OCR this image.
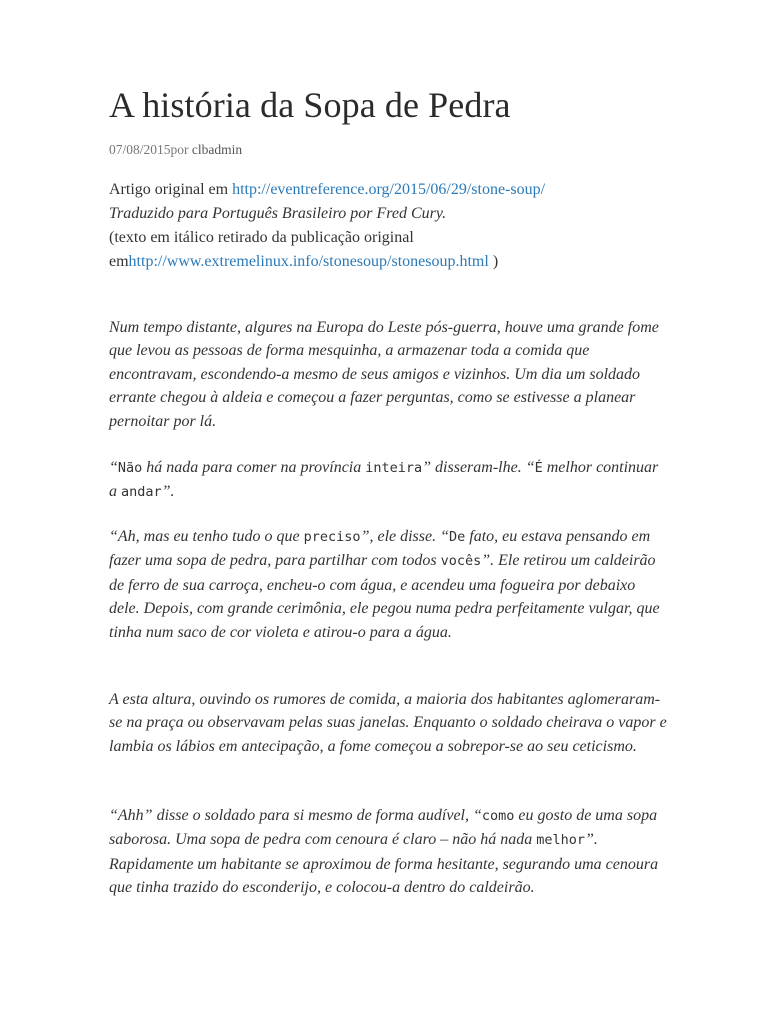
A história da Sopa de Pedra
07/08/2015por clbadmin
Artigo original em http://eventreference.org/2015/06/29/stone-soup/
Traduzido para Português Brasileiro por Fred Cury.
(texto em itálico retirado da publicação original
emhttp://www.extremelinux.info/stonesoup/stonesoup.html )

Num tempo distante, algures na Europa do Leste pós-guerra, houve uma grande fome que levou as pessoas de forma mesquinha, a armazenar toda a comida que encontravam, escondendo-a mesmo de seus amigos e vizinhos. Um dia um soldado errante chegou à aldeia e começou a fazer perguntas, como se estivesse a planear pernoitar por lá.

“Não há nada para comer na província inteira” disseram-lhe. “É melhor continuar a andar”.

“Ah, mas eu tenho tudo o que preciso”, ele disse. “De fato, eu estava pensando em fazer uma sopa de pedra, para partilhar com todos vocês”. Ele retirou um caldeirão de ferro de sua carroça, encheu-o com água, e acendeu uma fogueira por debaixo dele. Depois, com grande cerimônia, ele pegou numa pedra perfeitamente vulgar, que tinha num saco de cor violeta e atirou-o para a água.

A esta altura, ouvindo os rumores de comida, a maioria dos habitantes aglomeraram-se na praça ou observavam pelas suas janelas. Enquanto o soldado cheirava o vapor e lambia os lábios em antecipação, a fome começou a sobrepor-se ao seu ceticismo.

“Ahh” disse o soldado para si mesmo de forma audível, “como eu gosto de uma sopa saborosa. Uma sopa de pedra com cenoura é claro – não há nada melhor”. Rapidamente um habitante se aproximou de forma hesitante, segurando uma cenoura que tinha trazido do esconderijo, e colocou-a dentro do caldeirão.
